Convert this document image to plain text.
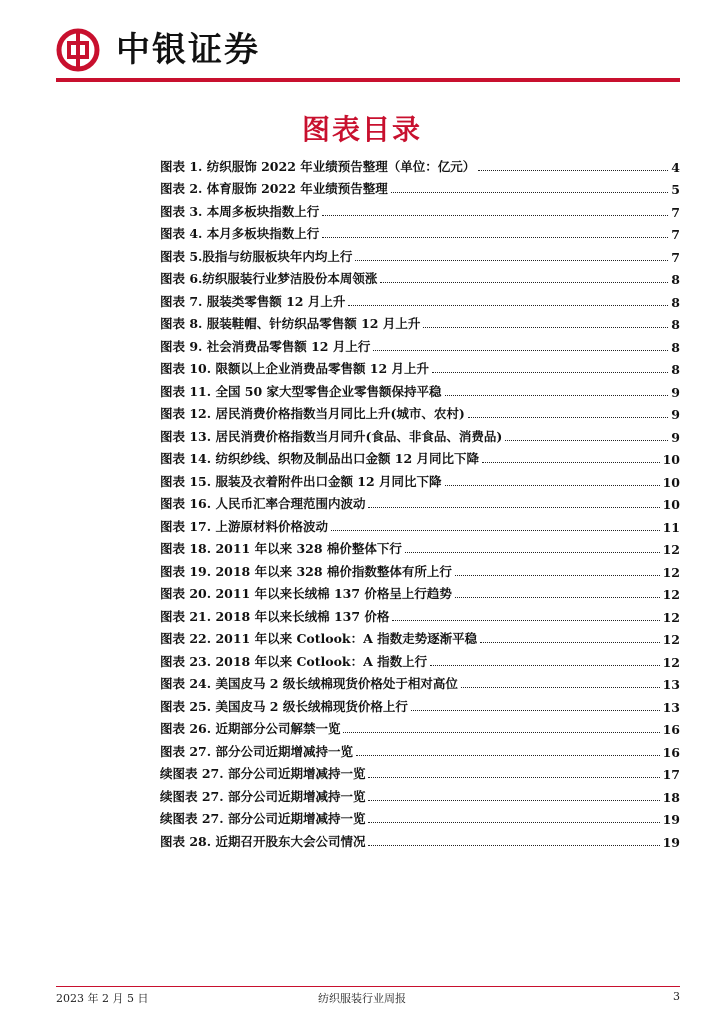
中银证券
图表目录
图表 1. 纺织服饰 2022 年业绩预告整理（单位：亿元）	4
图表 2. 体育服饰 2022 年业绩预告整理	5
图表 3. 本周多板块指数上行	7
图表 4. 本月多板块指数上行	7
图表 5.股指与纺服板块年内均上行	7
图表 6.纺织服装行业梦洁股份本周领涨	8
图表 7. 服装类零售额 12 月上升	8
图表 8. 服装鞋帽、针纺织品零售额 12 月上升	8
图表 9. 社会消费品零售额 12 月上行	8
图表 10. 限额以上企业消费品零售额 12 月上升	8
图表 11. 全国 50 家大型零售企业零售额保持平稳	9
图表 12. 居民消费价格指数当月同比上升(城市、农村)	9
图表 13. 居民消费价格指数当月同升(食品、非食品、消费品)	9
图表 14. 纺织纱线、织物及制品出口金额 12 月同比下降	10
图表 15. 服装及衣着附件出口金额 12 月同比下降	10
图表 16. 人民币汇率合理范围内波动	10
图表 17. 上游原材料价格波动	11
图表 18. 2011 年以来 328 棉价整体下行	12
图表 19. 2018 年以来 328 棉价指数整体有所上行	12
图表 20. 2011 年以来长绒棉 137 价格呈上行趋势	12
图表 21. 2018 年以来长绒棉 137 价格	12
图表 22. 2011 年以来 Cotlook：A 指数走势逐渐平稳	12
图表 23. 2018 年以来 Cotlook：A 指数上行	12
图表 24. 美国皮马 2 级长绒棉现货价格处于相对高位	13
图表 25. 美国皮马 2 级长绒棉现货价格上行	13
图表 26. 近期部分公司解禁一览	16
图表 27. 部分公司近期增减持一览	16
续图表 27. 部分公司近期增减持一览	17
续图表 27. 部分公司近期增减持一览	18
续图表 27. 部分公司近期增减持一览	19
图表 28. 近期召开股东大会公司情况	19
2023 年 2 月 5 日	纺织服装行业周报	3
